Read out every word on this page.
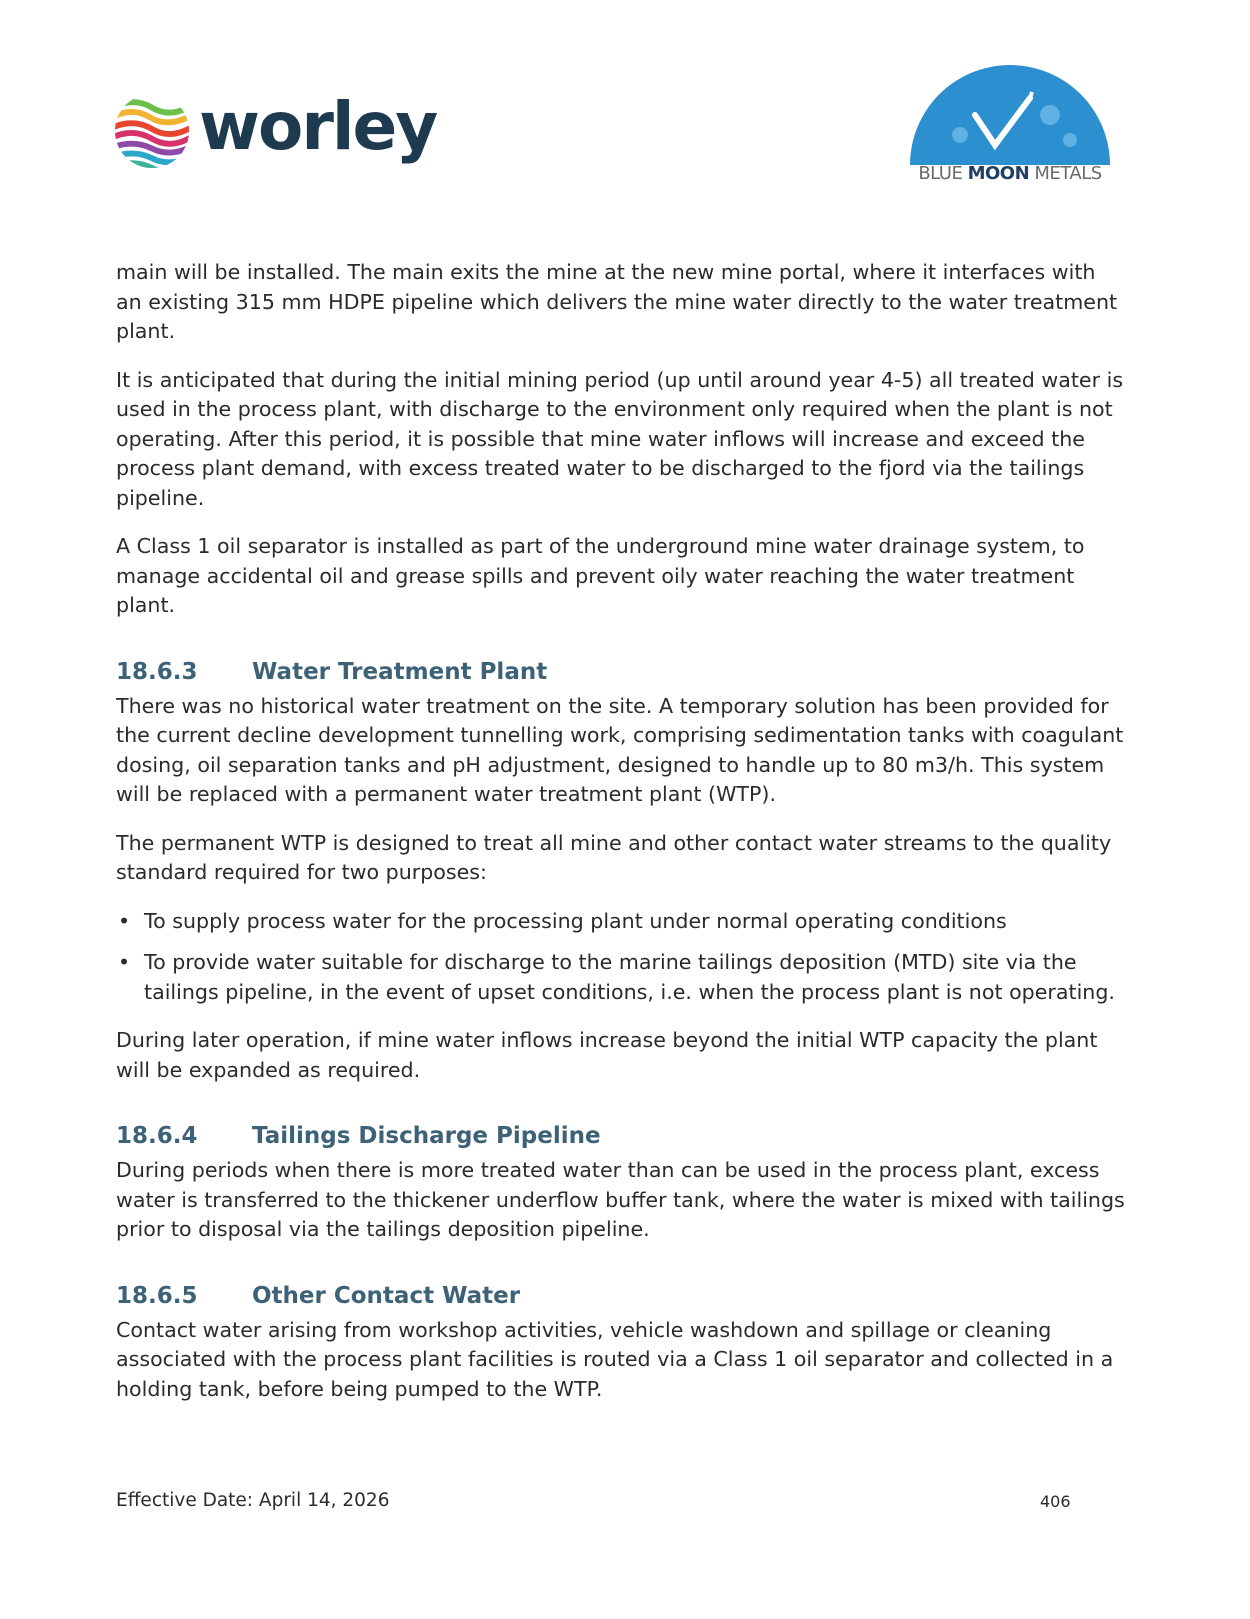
worley
BLUE MOON METALS

main will be installed. The main exits the mine at the new mine portal, where it interfaces with an existing 315 mm HDPE pipeline which delivers the mine water directly to the water treatment plant.

It is anticipated that during the initial mining period (up until around year 4-5) all treated water is used in the process plant, with discharge to the environment only required when the plant is not operating. After this period, it is possible that mine water inflows will increase and exceed the process plant demand, with excess treated water to be discharged to the fjord via the tailings pipeline.

A Class 1 oil separator is installed as part of the underground mine water drainage system, to manage accidental oil and grease spills and prevent oily water reaching the water treatment plant.

18.6.3 Water Treatment Plant

There was no historical water treatment on the site. A temporary solution has been provided for the current decline development tunnelling work, comprising sedimentation tanks with coagulant dosing, oil separation tanks and pH adjustment, designed to handle up to 80 m3/h. This system will be replaced with a permanent water treatment plant (WTP).

The permanent WTP is designed to treat all mine and other contact water streams to the quality standard required for two purposes:

• To supply process water for the processing plant under normal operating conditions
• To provide water suitable for discharge to the marine tailings deposition (MTD) site via the tailings pipeline, in the event of upset conditions, i.e. when the process plant is not operating.

During later operation, if mine water inflows increase beyond the initial WTP capacity the plant will be expanded as required.

18.6.4 Tailings Discharge Pipeline

During periods when there is more treated water than can be used in the process plant, excess water is transferred to the thickener underflow buffer tank, where the water is mixed with tailings prior to disposal via the tailings deposition pipeline.

18.6.5 Other Contact Water

Contact water arising from workshop activities, vehicle washdown and spillage or cleaning associated with the process plant facilities is routed via a Class 1 oil separator and collected in a holding tank, before being pumped to the WTP.

Effective Date: April 14, 2026	406
